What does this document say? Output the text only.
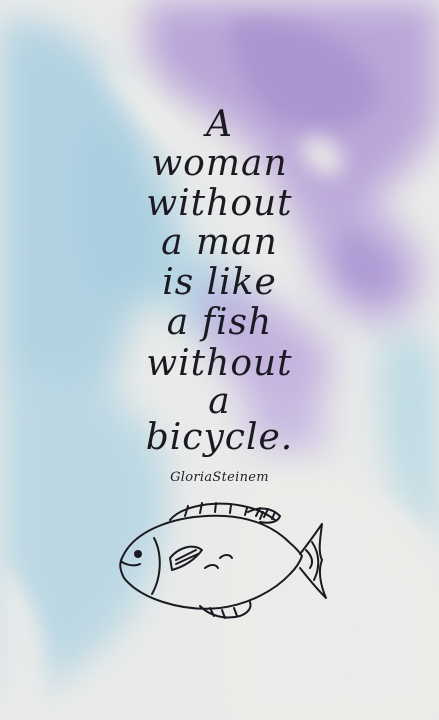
A
woman
without
a man
is like
a fish
without
a
bicycle.
GloriaSteinem
